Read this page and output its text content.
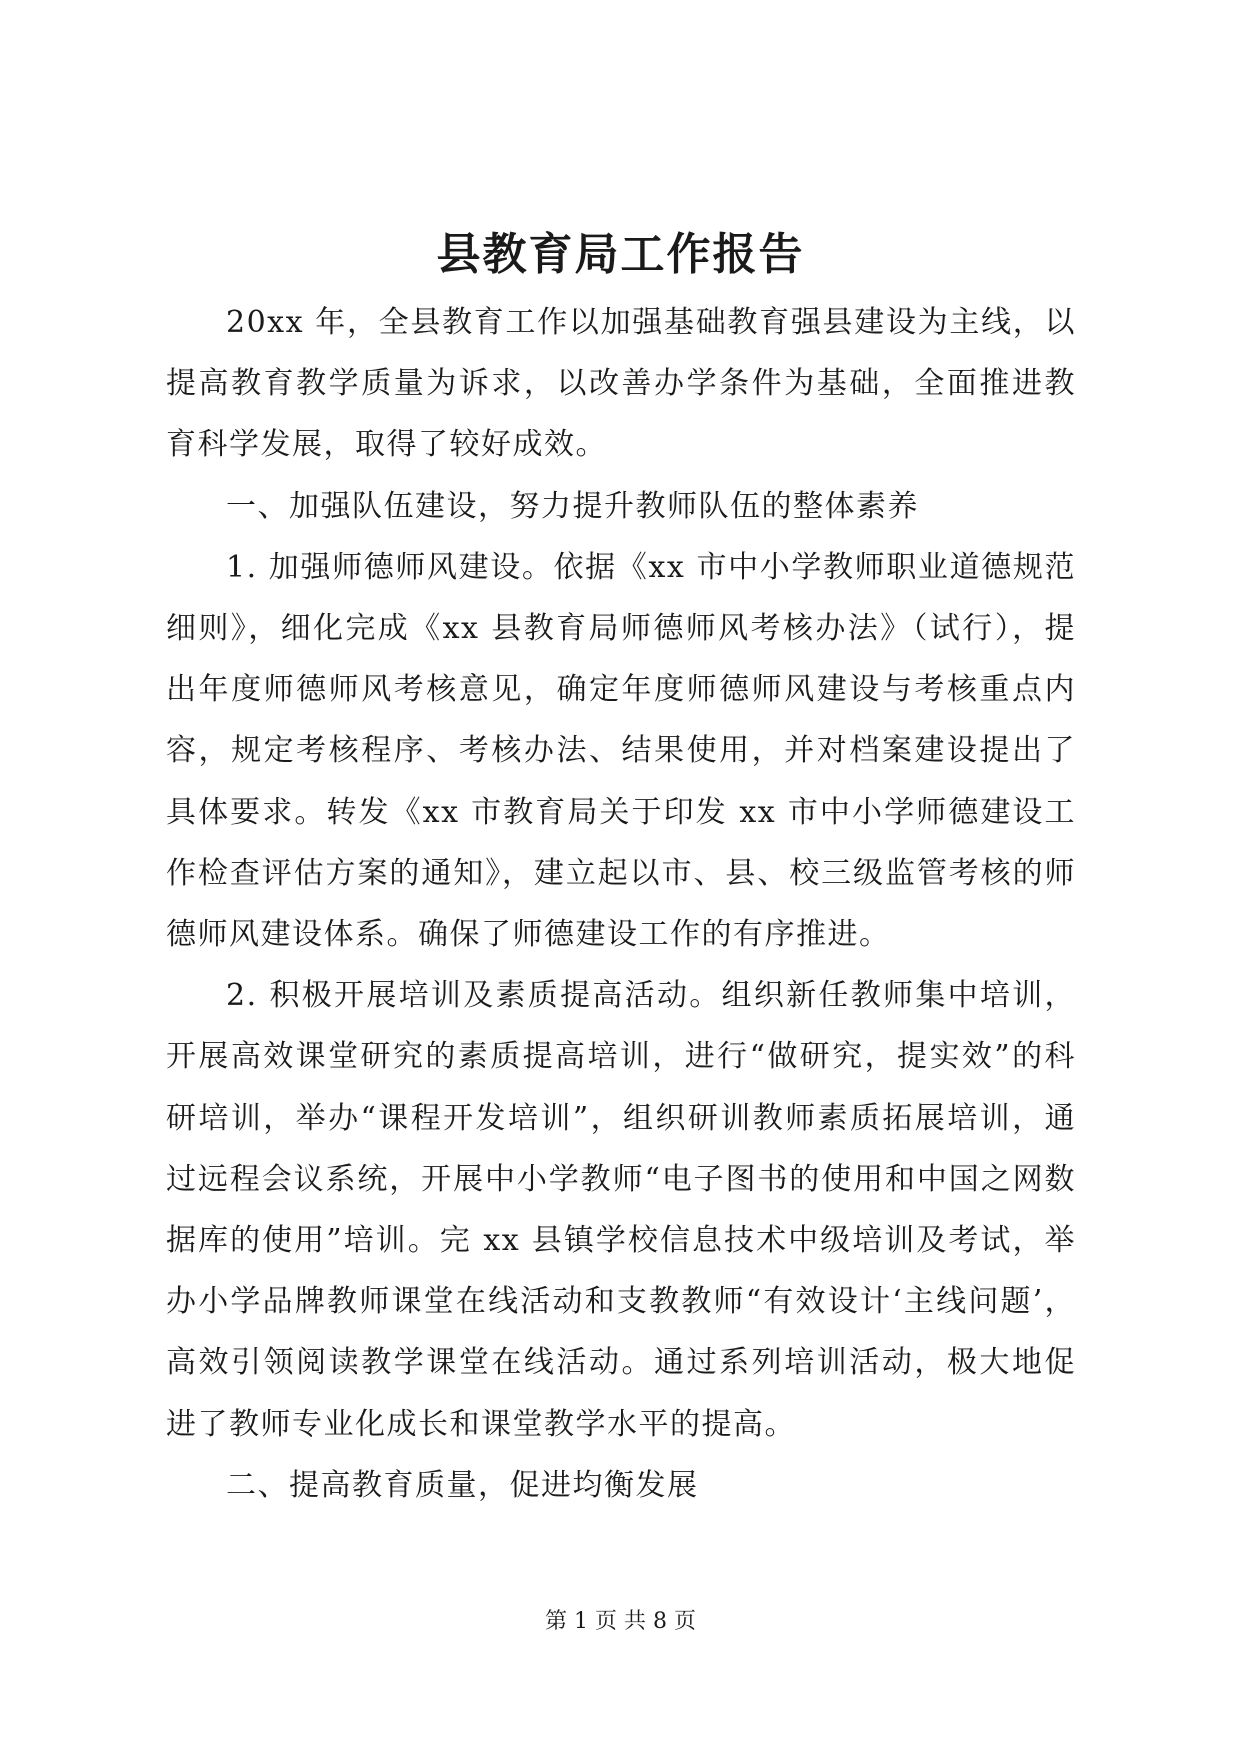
县教育局工作报告

20xx 年，全县教育工作以加强基础教育强县建设为主线，以提高教育教学质量为诉求，以改善办学条件为基础，全面推进教育科学发展，取得了较好成效。

一、加强队伍建设，努力提升教师队伍的整体素养

1. 加强师德师风建设。依据《xx 市中小学教师职业道德规范细则》，细化完成《xx 县教育局师德师风考核办法》（试行），提出年度师德师风考核意见，确定年度师德师风建设与考核重点内容，规定考核程序、考核办法、结果使用，并对档案建设提出了具体要求。转发《xx 市教育局关于印发 xx 市中小学师德建设工作检查评估方案的通知》，建立起以市、县、校三级监管考核的师德师风建设体系。确保了师德建设工作的有序推进。

2. 积极开展培训及素质提高活动。组织新任教师集中培训，开展高效课堂研究的素质提高培训，进行“做研究，提实效”的科研培训，举办“课程开发培训”，组织研训教师素质拓展培训，通过远程会议系统，开展中小学教师“电子图书的使用和中国之网数据库的使用”培训。完 xx 县镇学校信息技术中级培训及考试，举办小学品牌教师课堂在线活动和支教教师“有效设计‘主线问题’，高效引领阅读教学课堂在线活动。通过系列培训活动，极大地促进了教师专业化成长和课堂教学水平的提高。

二、提高教育质量，促进均衡发展

第 1 页 共 8 页
